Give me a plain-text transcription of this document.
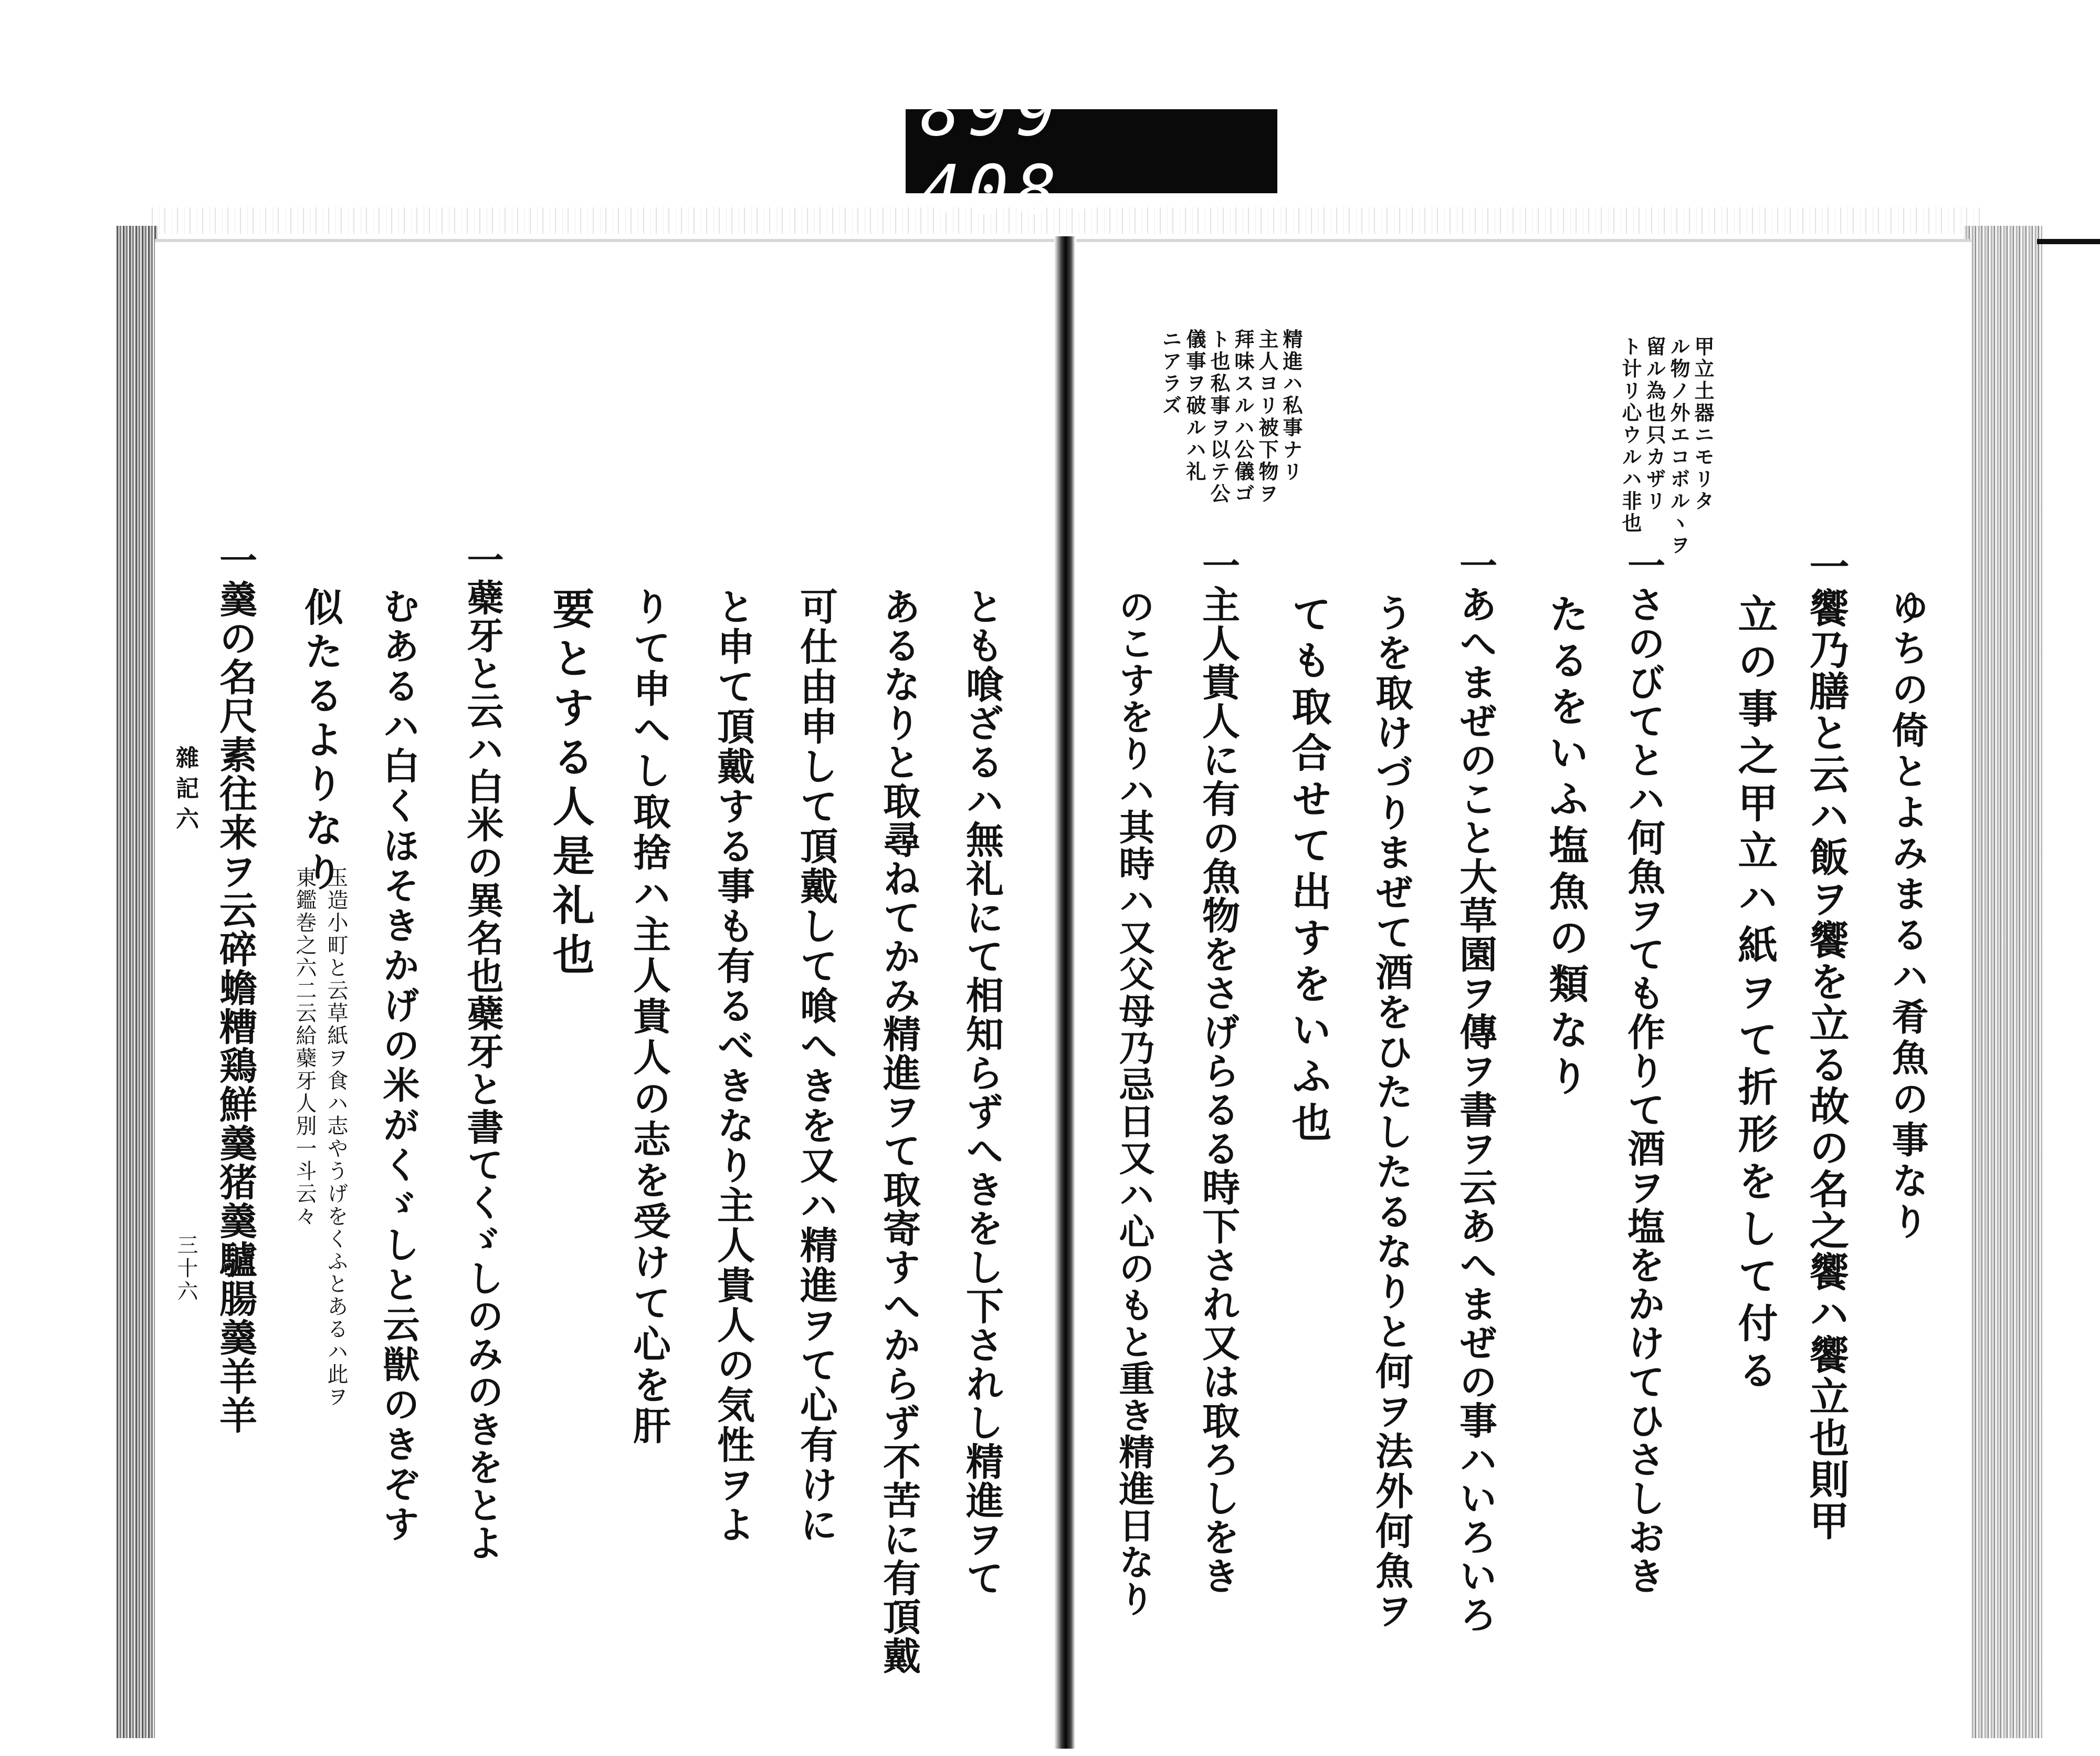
899 408.
甲立土器ニモリタ
ル物ノ外エコボルヽヲ
留ル為也只カザリ
ト计リ心ウルハ非也
精進ハ私事ナリ
主人ヨリ被下物ヲ
拜味スルハ公儀ゴ
ト也私事ヲ以テ公
儀事ヲ破ルハ礼
ニアラズ
ゆちの倚とよみまるハ肴魚の事なり
一饗乃膳と云ハ飯ヲ饗を立る故の名之饗ハ饗立也則甲
立の事之甲立ハ紙ヲて折形をして付る
一さのびてとハ何魚ヲても作りて酒ヲ塩をかけてひさしおき
たるをいふ塩魚の類なり
一あへまぜのこと大草園ヲ傳ヲ書ヲ云あへまぜの事ハいろいろ
うを取けづりまぜて酒をひたしたるなりと何ヲ法外何魚ヲ
ても取合せて出すをいふ也
一主人貴人に有の魚物をさげらるる時下され又は取ろしをき
のこすをりハ其時ハ又父母乃忌日又ハ心のもと重き精進日なり
とも喰ざるハ無礼にて相知らずへきをし下されし精進ヲて
あるなりと取尋ねてかみ精進ヲて取寄すへからず不苦に有頂戴
可仕由申して頂戴して喰へきを又ハ精進ヲて心有けに
と申て頂戴する事も有るべきなり主人貴人の気性ヲよ
りて申へし取捨ハ主人貴人の志を受けて心を肝
要とする人是礼也
一蘗牙と云ハ白米の異名也蘗牙と書てくゞしのみのきをとよ
むあるハ白くほそきかげの米がくゞしと云獣のきぞす
似たるよりなり
玉造小町と云草紙ヲ食ハ志やうげをくふとあるハ此ヲ
東鑑巻之六二云給蘗牙人別一斗云々
一羹の名尺素往来ヲ云碎蟾糟鶏鮮羹猪羹驢腸羹羊羊
雜記六
三十六
